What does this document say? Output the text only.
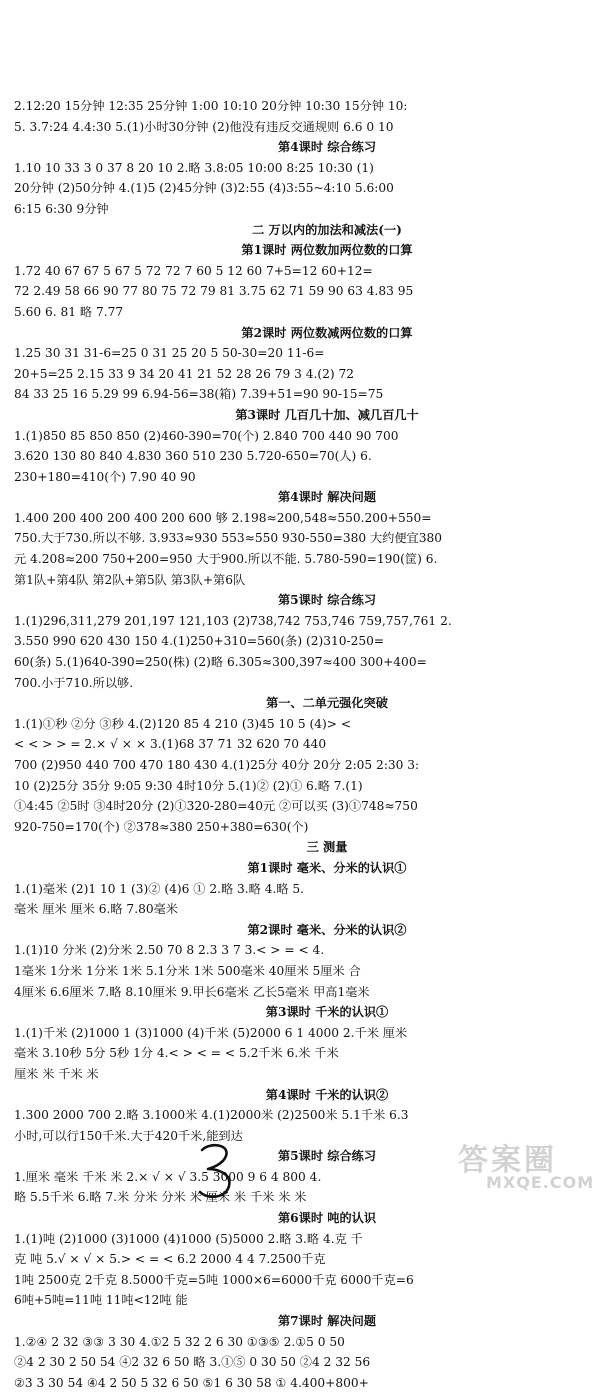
2.12:20 15分钟 12:35 25分钟 1:00 10:10 20分钟 10:30 15分钟 10:
5. 3.7:24 4.4:30 5.(1)小时30分钟 (2)他没有违反交通规则 6.6 0 10
第4课时 综合练习
1.10 10 33 3 0 37 8 20 10 2.略 3.8:05 10:00 8:25 10:30 (1)
20分钟 (2)50分钟 4.(1)5 (2)45分钟 (3)2:55 (4)3:55~4:10 5.6:00
6:15 6:30 9分钟
二 万以内的加法和减法(一)
第1课时 两位数加两位数的口算
1.72 40 67 67 5 67 5 72 72 7 60 5 12 60 7+5=12 60+12=
72 2.49 58 66 90 77 80 75 72 79 81 3.75 62 71 59 90 63 4.83 95
5.60 6. 81 略 7.77
第2课时 两位数减两位数的口算
1.25 30 31 31-6=25 0 31 25 20 5 50-30=20 11-6=
20+5=25 2.15 33 9 34 20 41 21 52 28 26 79 3 4.(2) 72
84 33 25 16 5.29 99 6.94-56=38(箱) 7.39+51=90 90-15=75
第3课时 几百几十加、减几百几十
1.(1)850 85 850 850 (2)460-390=70(个) 2.840 700 440 90 700
3.620 130 80 840 4.830 360 510 230 5.720-650=70(人) 6.
230+180=410(个) 7.90 40 90
第4课时 解决问题
1.400 200 400 200 400 200 600 够 2.198≈200,548≈550.200+550=
750.大于730.所以不够. 3.933≈930 553≈550 930-550=380 大约便宜380
元 4.208≈200 750+200=950 大于900.所以不能. 5.780-590=190(筐) 6.
第1队+第4队 第2队+第5队 第3队+第6队
第5课时 综合练习
1.(1)296,311,279 201,197 121,103 (2)738,742 753,746 759,757,761 2.
3.550 990 620 430 150 4.(1)250+310=560(条) (2)310-250=
60(条) 5.(1)640-390=250(株) (2)略 6.305≈300,397≈400 300+400=
700.小于710.所以够.
第一、二单元强化突破
1.(1)①秒 ②分 ③秒 4.(2)120 85 4 210 (3)45 10 5 (4)> <
< < > > = 2.× √ × × 3.(1)68 37 71 32 620 70 440
700 (2)950 440 700 470 180 430 4.(1)25分 40分 20分 2:05 2:30 3:
10 (2)25分 35分 9:05 9:30 4时10分 5.(1)② (2)① 6.略 7.(1)
①4:45 ②5时 ③4时20分 (2)①320-280=40元 ②可以买 (3)①748≈750
920-750=170(个) ②378≈380 250+380=630(个)
三 测量
第1课时 毫米、分米的认识①
1.(1)毫米 (2)1 10 1 (3)② (4)6 ① 2.略 3.略 4.略 5.
毫米 厘米 厘米 6.略 7.80毫米
第2课时 毫米、分米的认识②
1.(1)10 分米 (2)分米 2.50 70 8 2.3 3 7 3.< > = < 4.
1毫米 1分米 1分米 1米 5.1分米 1米 500毫米 40厘米 5厘米 合
4厘米 6.6厘米 7.略 8.10厘米 9.甲长6毫米 乙长5毫米 甲高1毫米
第3课时 千米的认识①
1.(1)千米 (2)1000 1 (3)1000 (4)千米 (5)2000 6 1 4000 2.千米 厘米
毫米 3.10秒 5分 5秒 1分 4.< > < = < 5.2千米 6.米 千米
厘米 米 千米 米
第4课时 千米的认识②
1.300 2000 700 2.略 3.1000米 4.(1)2000米 (2)2500米 5.1千米 6.3
小时,可以行150千米.大于420千米,能到达
第5课时 综合练习
1.厘米 毫米 千米 米 2.× √ × √ 3.5 3000 9 6 4 800 4.
略 5.5千米 6.略 7.米 分米 分米 米 厘米 米 千米 米 米
第6课时 吨的认识
1.(1)吨 (2)1000 (3)1000 (4)1000 (5)5000 2.略 3.略 4.克 千
克 吨 5.√ × √ × 5.> < = < 6.2 2000 4 4 7.2500千克
1吨 2500克 2千克 8.5000千克=5吨 1000×6=6000千克 6000千克=6
6吨+5吨=11吨 11吨<12吨 能
第7课时 解决问题
1.②④ 2 32 ③③ 3 30 4.①2 5 32 2 6 30 ①③⑤ 2.①5 0 50
②4 2 30 2 50 54 ④2 32 6 50 略 3.①⑤ 0 30 50 ②4 2 32 56
②3 3 30 54 ④4 2 50 5 32 6 50 ⑤1 6 30 58 ① 4.400+800+
答案圈
MXQE.COM
